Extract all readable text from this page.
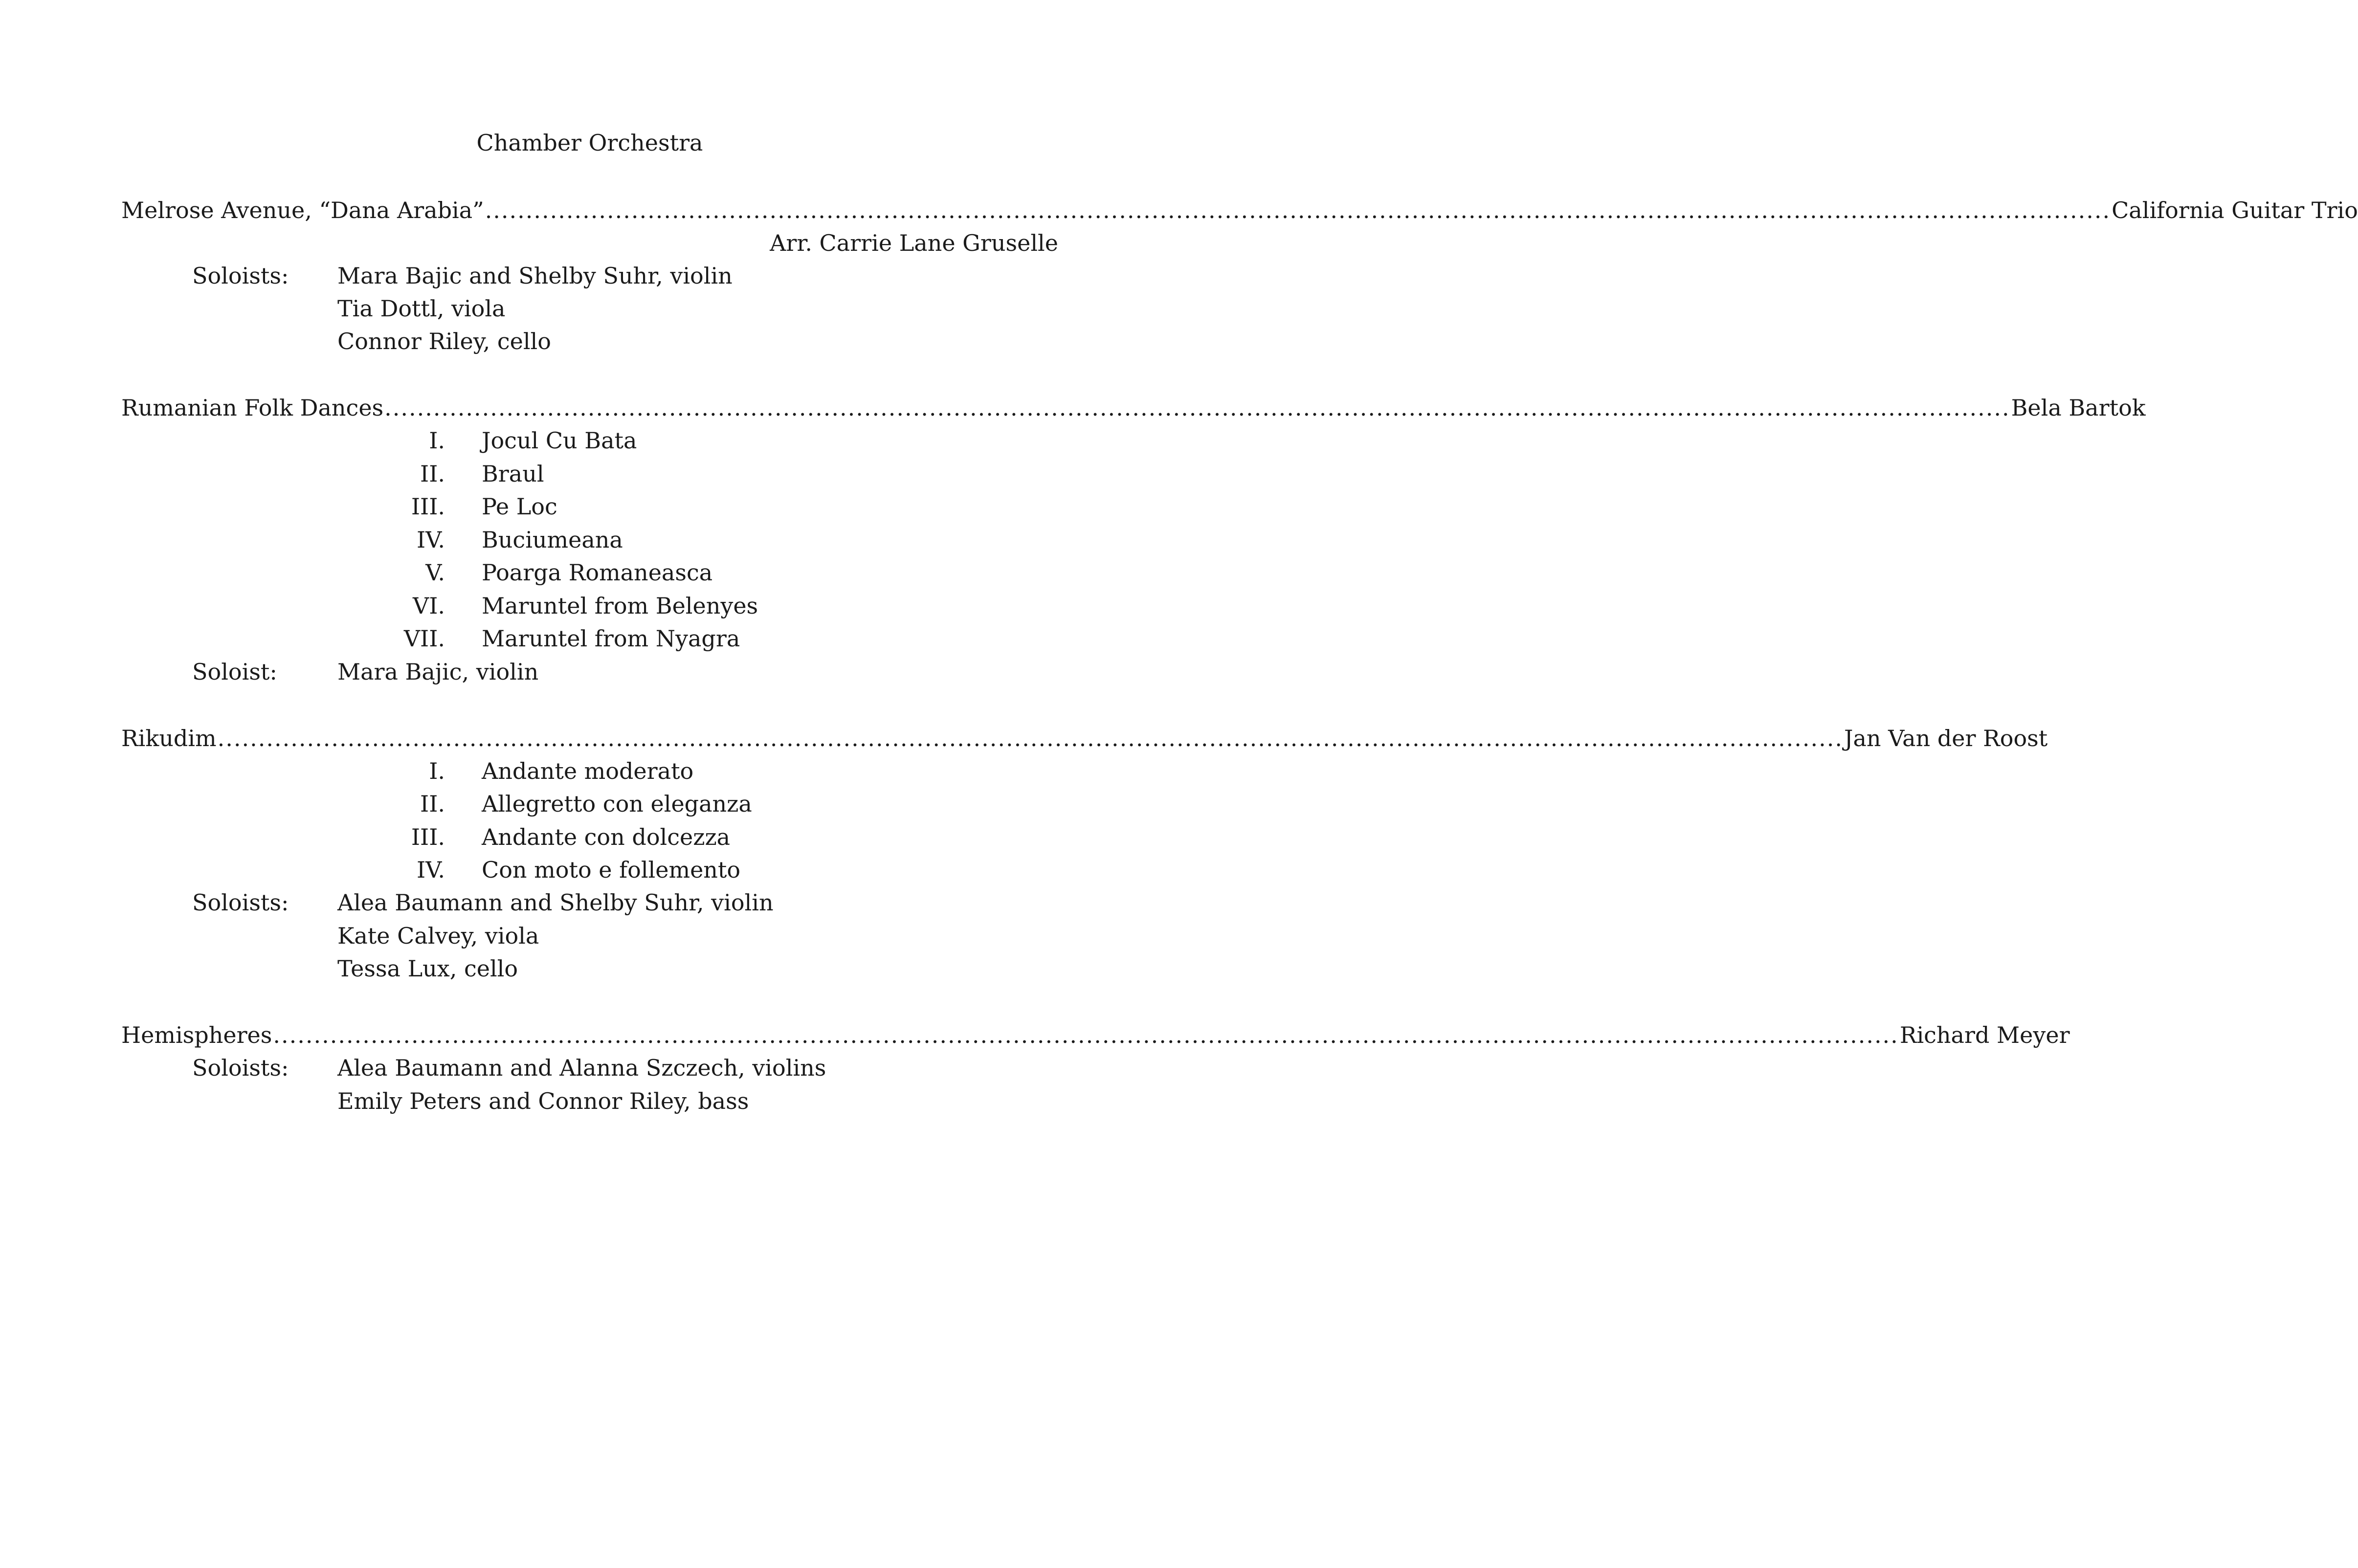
Chamber Orchestra
Melrose Avenue, “Dana Arabia” ........................................................................................................................................................................................................ California Guitar Trio
Arr. Carrie Lane Gruselle
Soloists: Mara Bajic and Shelby Suhr, violin
Tia Dottl, viola
Connor Riley, cello
Rumanian Folk Dances ........................................................................................................................................................................................................ Bela Bartok
I. Jocul Cu Bata
II. Braul
III. Pe Loc
IV. Buciumeana
V. Poarga Romaneasca
VI. Maruntel from Belenyes
VII. Maruntel from Nyagra
Soloist:	Mara Bajic, violin
Rikudim ........................................................................................................................................................................................................ Jan Van der Roost
I. Andante moderato
II. Allegretto con eleganza
III. Andante con dolcezza
IV. Con moto e follemento
Soloists: Alea Baumann and Shelby Suhr, violin
Kate Calvey, viola
Tessa Lux, cello
Hemispheres ........................................................................................................................................................................................................ Richard Meyer
Soloists: Alea Baumann and Alanna Szczech, violins
Emily Peters and Connor Riley, bass
